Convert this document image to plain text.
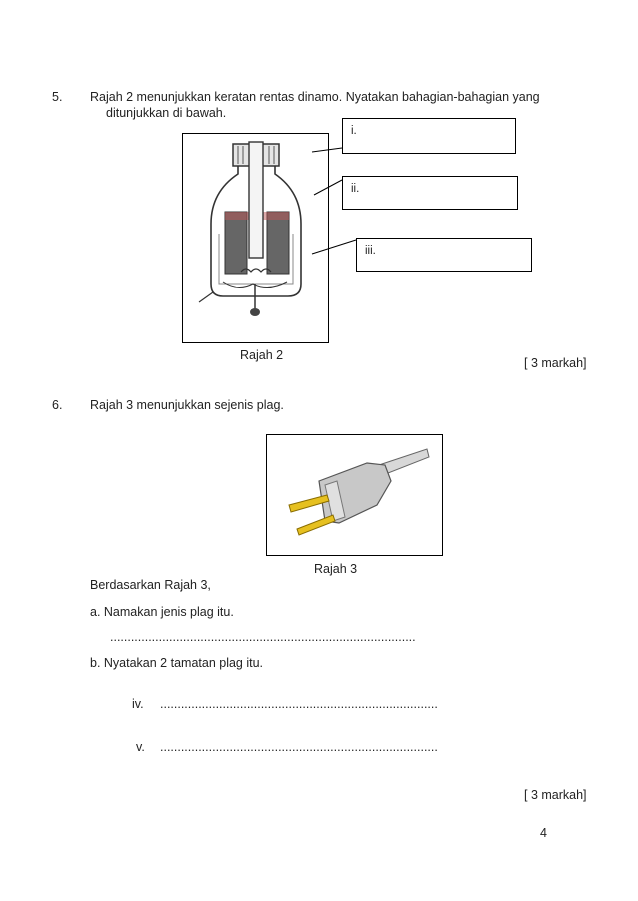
5. Rajah 2 menunjukkan keratan rentas dinamo. Nyatakan bahagian-bahagian yang
ditunjukkan di bawah.
i.
ii.
iii.
Rajah 2
[ 3 markah]
6. Rajah 3 menunjukkan sejenis plag.
Rajah 3
Berdasarkan Rajah 3,
a. Namakan jenis plag itu.
........................................................................................
b. Nyatakan 2 tamatan plag itu.
iv. ................................................................................
v. ................................................................................
[ 3 markah]
4
